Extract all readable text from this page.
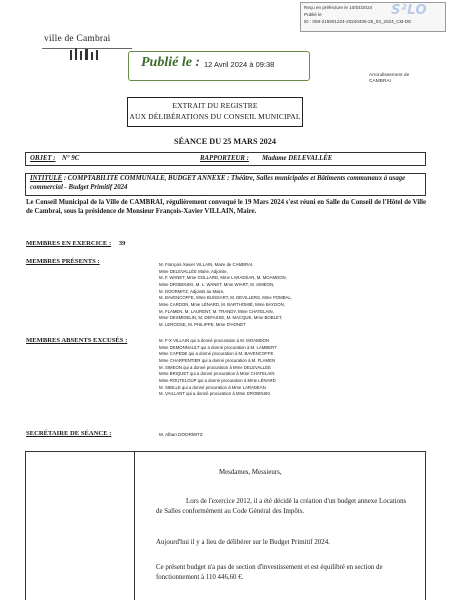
Reçu en préfecture le 10/04/2024
Publié le
ID : 059-215901224-20240405-25_03_2024_CM-DE
S²LO
ville de Cambrai
Publié le : 12 Avril 2024 à 09:38
Arrondissement de CAMBRAI
EXTRAIT DU REGISTRE
AUX DÉLIBÉRATIONS DU CONSEIL MUNICIPAL
SÉANCE DU 25 MARS 2024
OBJET : N° 9C	RAPPORTEUR : Madame DELEVALLÉE
INTITULÉ : COMPTABILITE COMMUNALE, BUDGET ANNEXE : Théâtre, Salles municipales et Bâtiments communaux à usage commercial - Budget Primitif 2024
Le Conseil Municipal de la Ville de CAMBRAI, régulièrement convoqué le 19 Mars 2024 s'est réuni en Salle du Conseil de l'Hôtel de Ville de Cambrai, sous la présidence de Monsieur François-Xavier VILLAIN, Maire.
MEMBRES EN EXERCICE : 39
MEMBRES PRÉSENTS :	M. François-Xavier VILLAIN, Maire de CAMBRAI,
Mme DELEVALLÉE Marie, Adjointe,
M. F. WANET, Mme GOLLARD, Mme LARADEAN, M. MOAMDON,
Mme DROBINSKI, M. L. WANET, Mme WIART, M. SIMEON,
M. DOORMITZ, Adjoints au Maire,
M. BAVENCOFFE, Mme BUISSART, M. DEVILLERS, Mme POMBAL,
Mme CARDON, Mme LÉNARD, M. BARTHOMIÉ, Mme BAYDON,
M. FLAMEN, M. LAURENT, M. TRANDY, Mme CHATELAIN,
Mme DESMIDELIN, M. DEFASSE, M. MACQUE, Mme BOBLET,
M. LEROOSE, M. PHILIPPE, Mme D'HONDT
MEMBRES ABSENTS EXCUSÉS :	M. F-X VILLAIN qui a donné procuration à M. MOAMDON
Mme DEMONNAULT qui a donné procuration à M. LAMBERT
Mme CAPEDE qui a donné procuration à M. BAVENCOFFE
Mme CHARPENTIER qui a donné procuration à M. FLAMEN
M. SIMEON qui a donné procuration à Mme DELEVALLÉE
Mme BRIQUET qui a donné procuration à Mme CHATELAIN
Mme ROUTELOUP qui a donné procuration à Mme LÉNARD
M. SIBILLE qui a donné procuration à Mme LARADEAN
M. VAILLANT qui a donné procuration à Mme DROBINSKI
SECRÉTAIRE DE SÉANCE :	M. Alban DOORMITZ
Mesdames, Messieurs,
Lors de l'exercice 2012, il a été décidé la création d'un budget annexe Locations de Salles conformément au Code Général des Impôts.
Aujourd'hui il y a lieu de délibérer sur le Budget Primitif 2024.
Ce présent budget n'a pas de section d'investissement et est équilibré en section de fonctionnement à 110 446,60 €.
